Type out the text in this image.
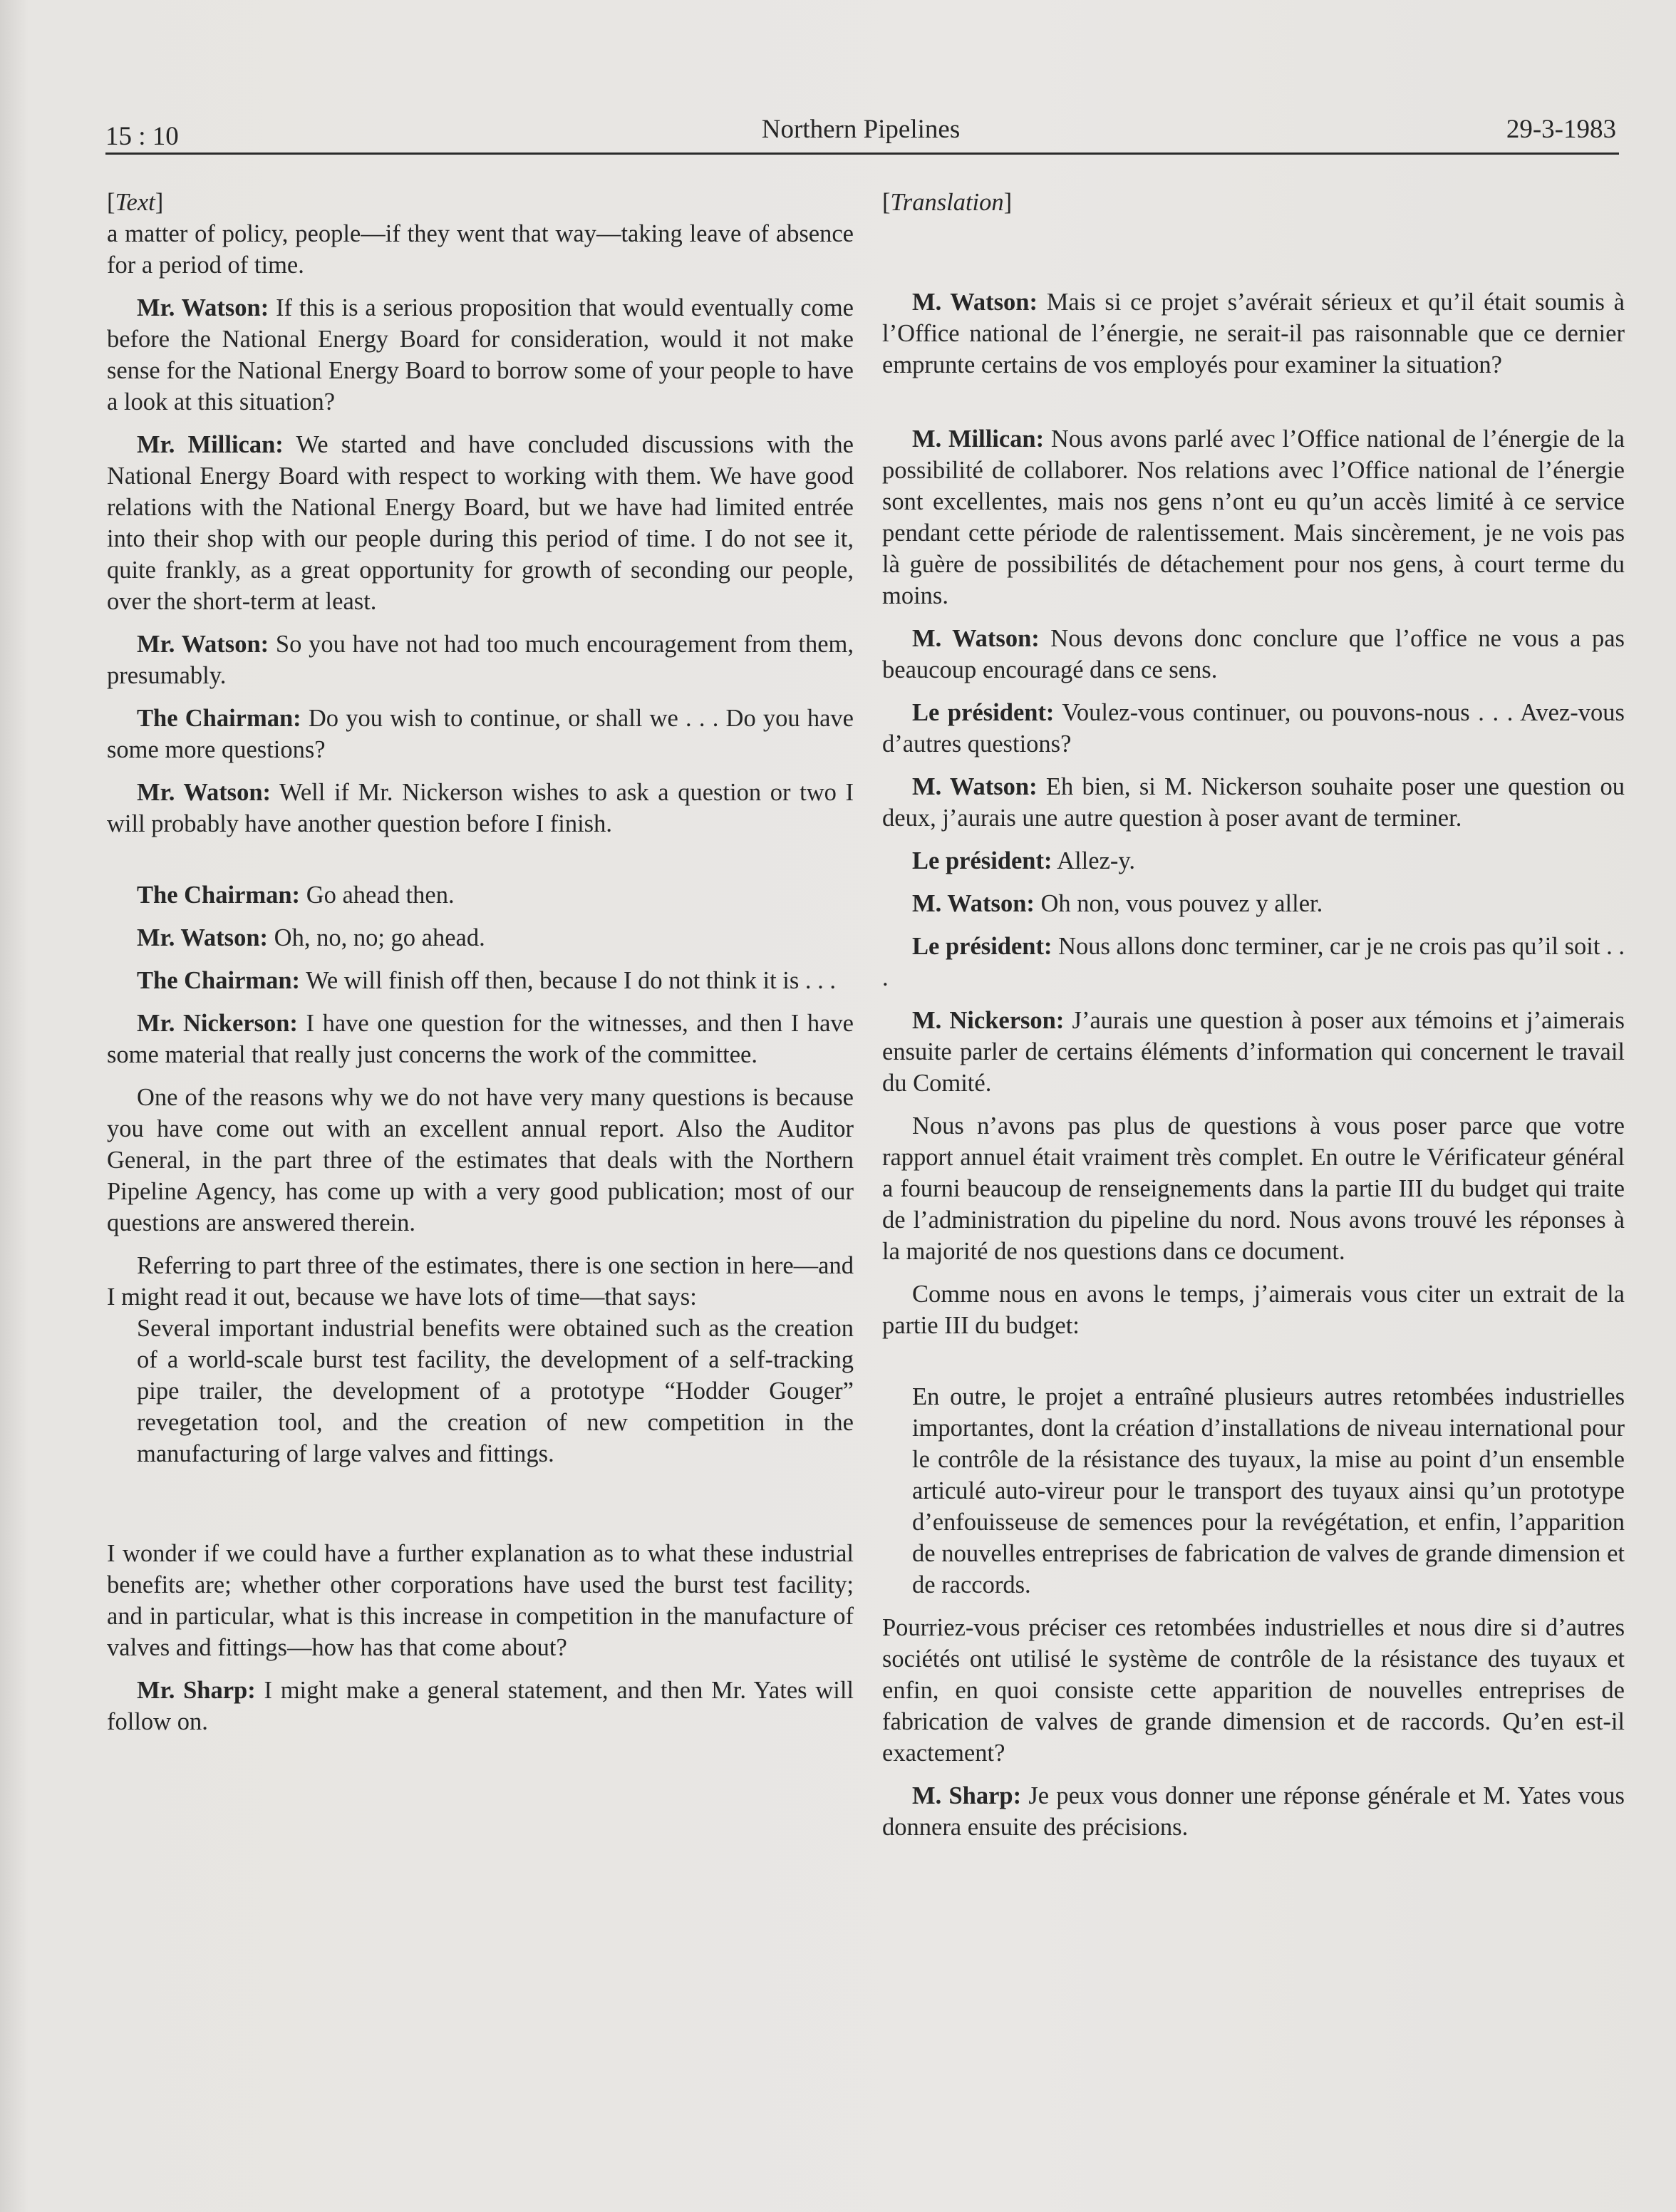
15 : 10	Northern Pipelines	29-3-1983

[Text]

a matter of policy, people—if they went that way—taking leave of absence for a period of time.

Mr. Watson: If this is a serious proposition that would eventually come before the National Energy Board for consideration, would it not make sense for the National Energy Board to borrow some of your people to have a look at this situation?

Mr. Millican: We started and have concluded discussions with the National Energy Board with respect to working with them. We have good relations with the National Energy Board, but we have had limited entrée into their shop with our people during this period of time. I do not see it, quite frankly, as a great opportunity for growth of seconding our people, over the short-term at least.

Mr. Watson: So you have not had too much encouragement from them, presumably.

The Chairman: Do you wish to continue, or shall we . . . Do you have some more questions?

Mr. Watson: Well if Mr. Nickerson wishes to ask a question or two I will probably have another question before I finish.

The Chairman: Go ahead then.

Mr. Watson: Oh, no, no; go ahead.

The Chairman: We will finish off then, because I do not think it is . . .

Mr. Nickerson: I have one question for the witnesses, and then I have some material that really just concerns the work of the committee.

One of the reasons why we do not have very many questions is because you have come out with an excellent annual report. Also the Auditor General, in the part three of the estimates that deals with the Northern Pipeline Agency, has come up with a very good publication; most of our questions are answered therein.

Referring to part three of the estimates, there is one section in here—and I might read it out, because we have lots of time—that says:

Several important industrial benefits were obtained such as the creation of a world-scale burst test facility, the development of a self-tracking pipe trailer, the development of a prototype “Hodder Gouger” revegetation tool, and the creation of new competition in the manufacturing of large valves and fittings.

I wonder if we could have a further explanation as to what these industrial benefits are; whether other corporations have used the burst test facility; and in particular, what is this increase in competition in the manufacture of valves and fittings—how has that come about?

Mr. Sharp: I might make a general statement, and then Mr. Yates will follow on.

[Translation]

M. Watson: Mais si ce projet s’avérait sérieux et qu’il était soumis à l’Office national de l’énergie, ne serait-il pas raisonnable que ce dernier emprunte certains de vos employés pour examiner la situation?

M. Millican: Nous avons parlé avec l’Office national de l’énergie de la possibilité de collaborer. Nos relations avec l’Office national de l’énergie sont excellentes, mais nos gens n’ont eu qu’un accès limité à ce service pendant cette période de ralentissement. Mais sincèrement, je ne vois pas là guère de possibilités de détachement pour nos gens, à court terme du moins.

M. Watson: Nous devons donc conclure que l’office ne vous a pas beaucoup encouragé dans ce sens.

Le président: Voulez-vous continuer, ou pouvons-nous . . . Avez-vous d’autres questions?

M. Watson: Eh bien, si M. Nickerson souhaite poser une question ou deux, j’aurais une autre question à poser avant de terminer.

Le président: Allez-y.

M. Watson: Oh non, vous pouvez y aller.

Le président: Nous allons donc terminer, car je ne crois pas qu’il soit . . .

M. Nickerson: J’aurais une question à poser aux témoins et j’aimerais ensuite parler de certains éléments d’information qui concernent le travail du Comité.

Nous n’avons pas plus de questions à vous poser parce que votre rapport annuel était vraiment très complet. En outre le Vérificateur général a fourni beaucoup de renseignements dans la partie III du budget qui traite de l’administration du pipeline du nord. Nous avons trouvé les réponses à la majorité de nos questions dans ce document.

Comme nous en avons le temps, j’aimerais vous citer un extrait de la partie III du budget:

En outre, le projet a entraîné plusieurs autres retombées industrielles importantes, dont la création d’installations de niveau international pour le contrôle de la résistance des tuyaux, la mise au point d’un ensemble articulé auto-vireur pour le transport des tuyaux ainsi qu’un prototype d’enfouisseuse de semences pour la revégétation, et enfin, l’apparition de nouvelles entreprises de fabrication de valves de grande dimension et de raccords.

Pourriez-vous préciser ces retombées industrielles et nous dire si d’autres sociétés ont utilisé le système de contrôle de la résistance des tuyaux et enfin, en quoi consiste cette apparition de nouvelles entreprises de fabrication de valves de grande dimension et de raccords. Qu’en est-il exactement?

M. Sharp: Je peux vous donner une réponse générale et M. Yates vous donnera ensuite des précisions.
